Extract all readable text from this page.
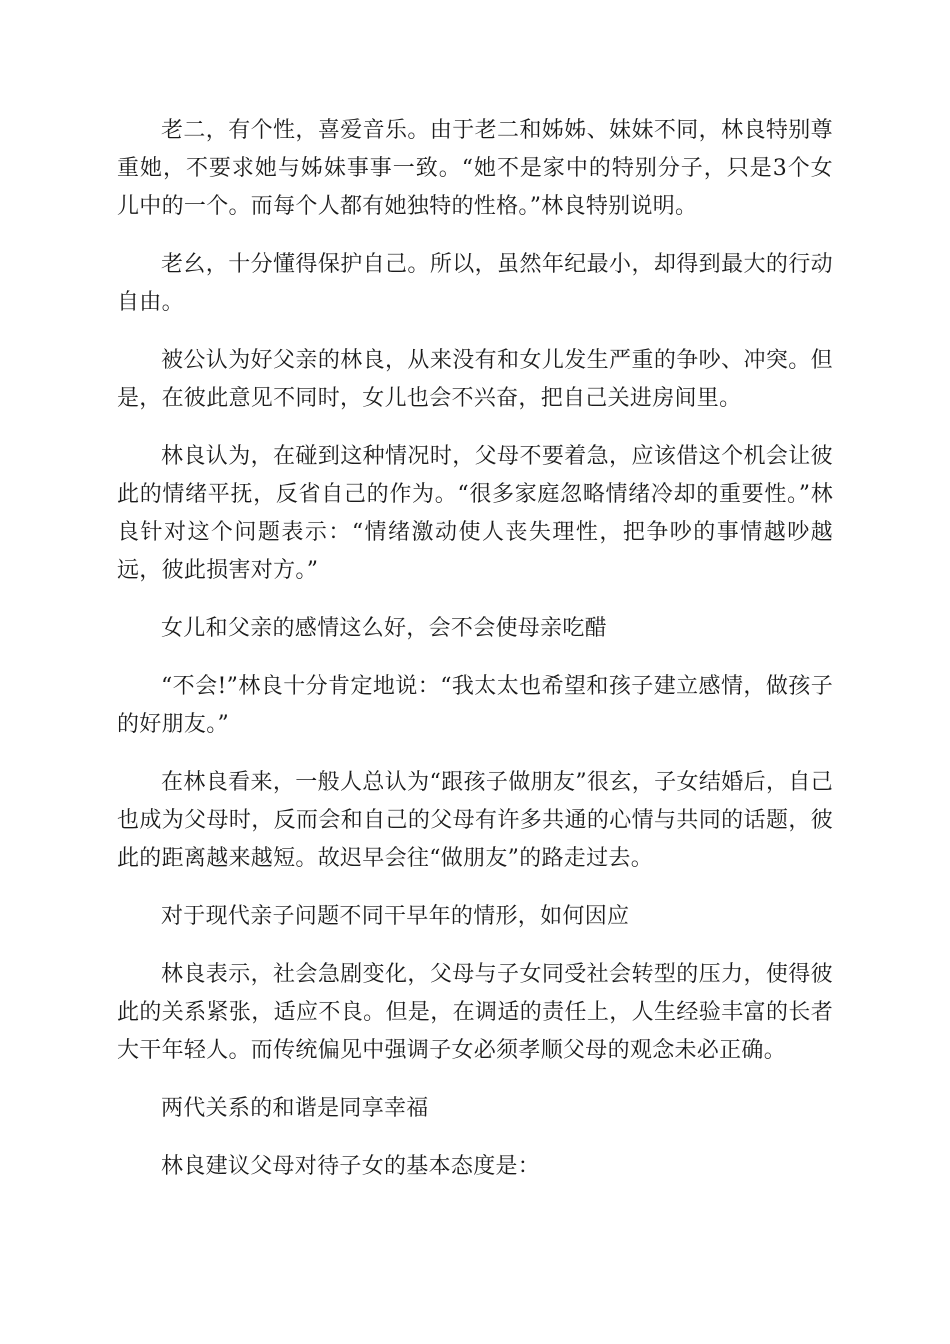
老二，有个性，喜爱音乐。由于老二和姊姊、妹妹不同，林良特别尊重她，不要求她与姊妹事事一致。“她不是家中的特别分子，只是3个女儿中的一个。而每个人都有她独特的性格。”林良特别说明。

老幺，十分懂得保护自己。所以，虽然年纪最小，却得到最大的行动自由。

被公认为好父亲的林良，从来没有和女儿发生严重的争吵、冲突。但是，在彼此意见不同时，女儿也会不兴奋，把自己关进房间里。

林良认为，在碰到这种情况时，父母不要着急，应该借这个机会让彼此的情绪平抚，反省自己的作为。“很多家庭忽略情绪冷却的重要性。”林良针对这个问题表示：“情绪激动使人丧失理性，把争吵的事情越吵越远，彼此损害对方。”

女儿和父亲的感情这么好，会不会使母亲吃醋

“不会!”林良十分肯定地说：“我太太也希望和孩子建立感情，做孩子的好朋友。”

在林良看来，一般人总认为“跟孩子做朋友”很玄，子女结婚后，自己也成为父母时，反而会和自己的父母有许多共通的心情与共同的话题，彼此的距离越来越短。故迟早会往“做朋友”的路走过去。

对于现代亲子问题不同干早年的情形，如何因应

林良表示，社会急剧变化，父母与子女同受社会转型的压力，使得彼此的关系紧张，适应不良。但是，在调适的责任上，人生经验丰富的长者大干年轻人。而传统偏见中强调子女必须孝顺父母的观念未必正确。

两代关系的和谐是同享幸福

林良建议父母对待子女的基本态度是：
